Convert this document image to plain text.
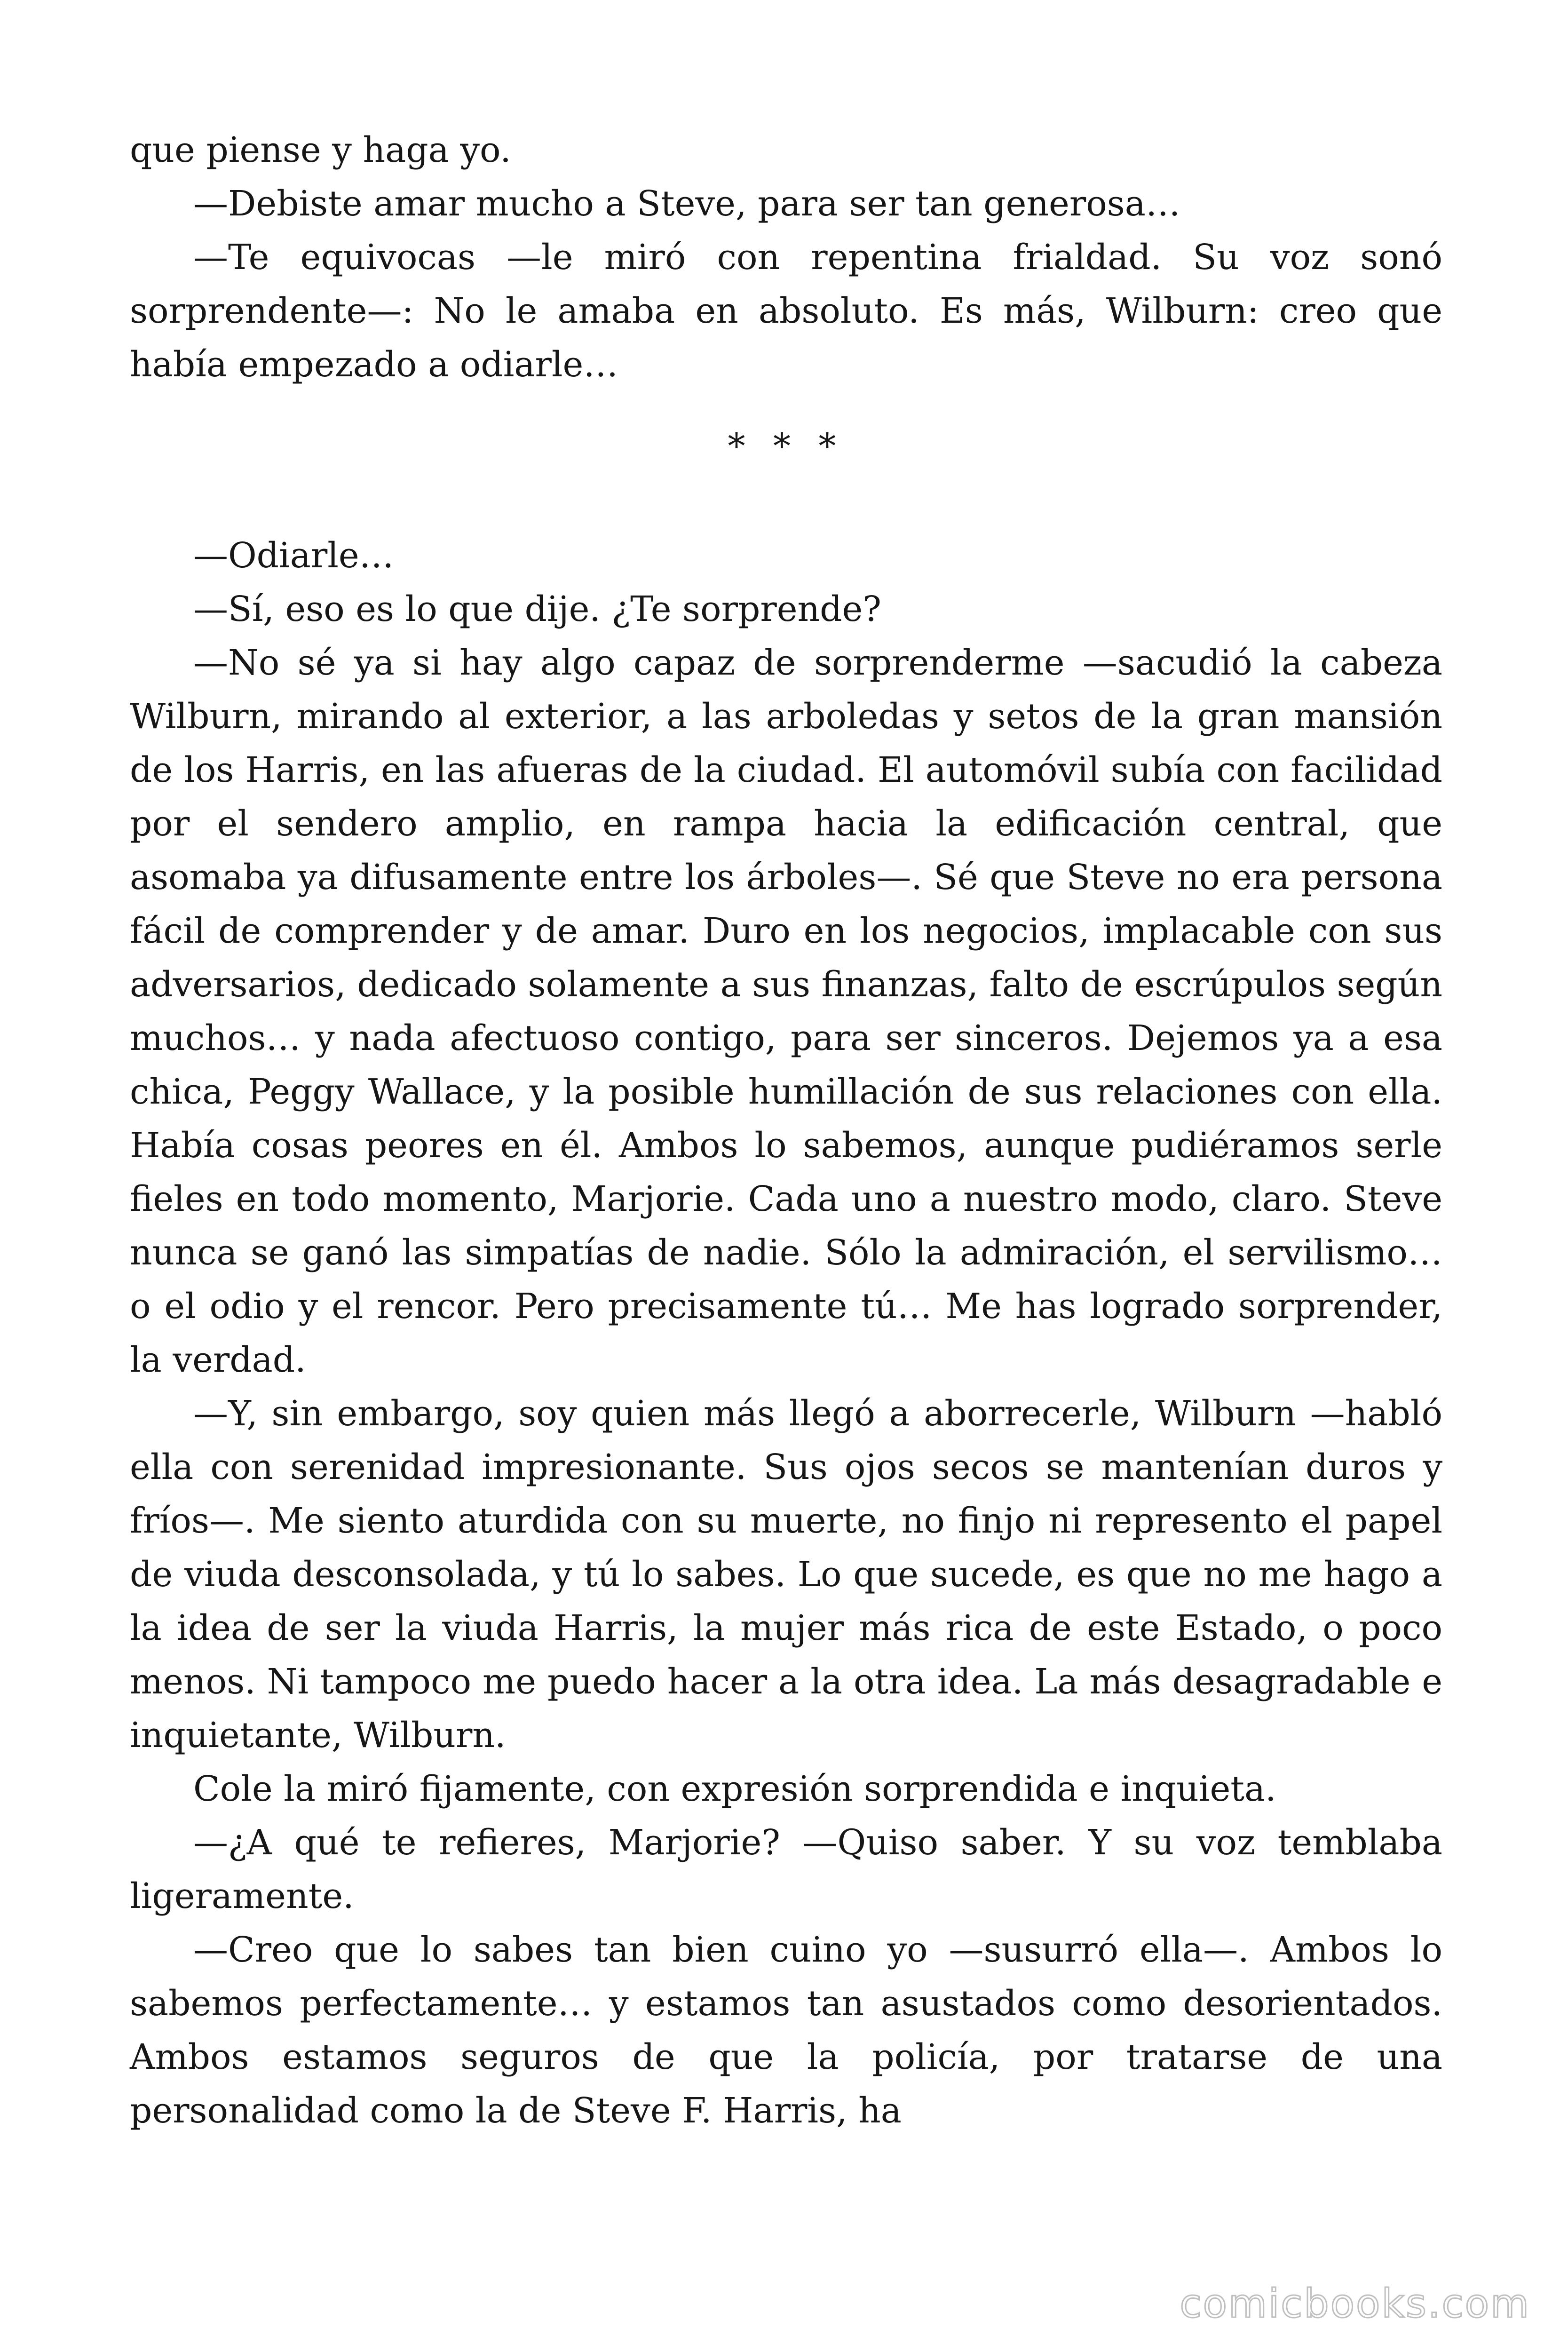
que piense y haga yo.

—Debiste amar mucho a Steve, para ser tan generosa…

—Te equivocas —le miró con repentina frialdad. Su voz sonó sorprendente—: No le amaba en absoluto. Es más, Wilburn: creo que había empezado a odiarle…

* * *

—Odiarle…

—Sí, eso es lo que dije. ¿Te sorprende?

—No sé ya si hay algo capaz de sorprenderme —sacudió la cabeza Wilburn, mirando al exterior, a las arboledas y setos de la gran mansión de los Harris, en las afueras de la ciudad. El automóvil subía con facilidad por el sendero amplio, en rampa hacia la edificación central, que asomaba ya difusamente entre los árboles—. Sé que Steve no era persona fácil de comprender y de amar. Duro en los negocios, implacable con sus adversarios, dedicado solamente a sus finanzas, falto de escrúpulos según muchos… y nada afectuoso contigo, para ser sinceros. Dejemos ya a esa chica, Peggy Wallace, y la posible humillación de sus relaciones con ella. Había cosas peores en él. Ambos lo sabemos, aunque pudiéramos serle fieles en todo momento, Marjorie. Cada uno a nuestro modo, claro. Steve nunca se ganó las simpatías de nadie. Sólo la admiración, el servilismo… o el odio y el rencor. Pero precisamente tú… Me has logrado sorprender, la verdad.

—Y, sin embargo, soy quien más llegó a aborrecerle, Wilburn —habló ella con serenidad impresionante. Sus ojos secos se mantenían duros y fríos—. Me siento aturdida con su muerte, no finjo ni represento el papel de viuda desconsolada, y tú lo sabes. Lo que sucede, es que no me hago a la idea de ser la viuda Harris, la mujer más rica de este Estado, o poco menos. Ni tampoco me puedo hacer a la otra idea. La más desagradable e inquietante, Wilburn.

Cole la miró fijamente, con expresión sorprendida e inquieta.

—¿A qué te refieres, Marjorie? —Quiso saber. Y su voz temblaba ligeramente.

—Creo que lo sabes tan bien cuino yo —susurró ella—. Ambos lo sabemos perfectamente… y estamos tan asustados como desorientados. Ambos estamos seguros de que la policía, por tratarse de una personalidad como la de Steve F. Harris, ha

comicbooks.com
